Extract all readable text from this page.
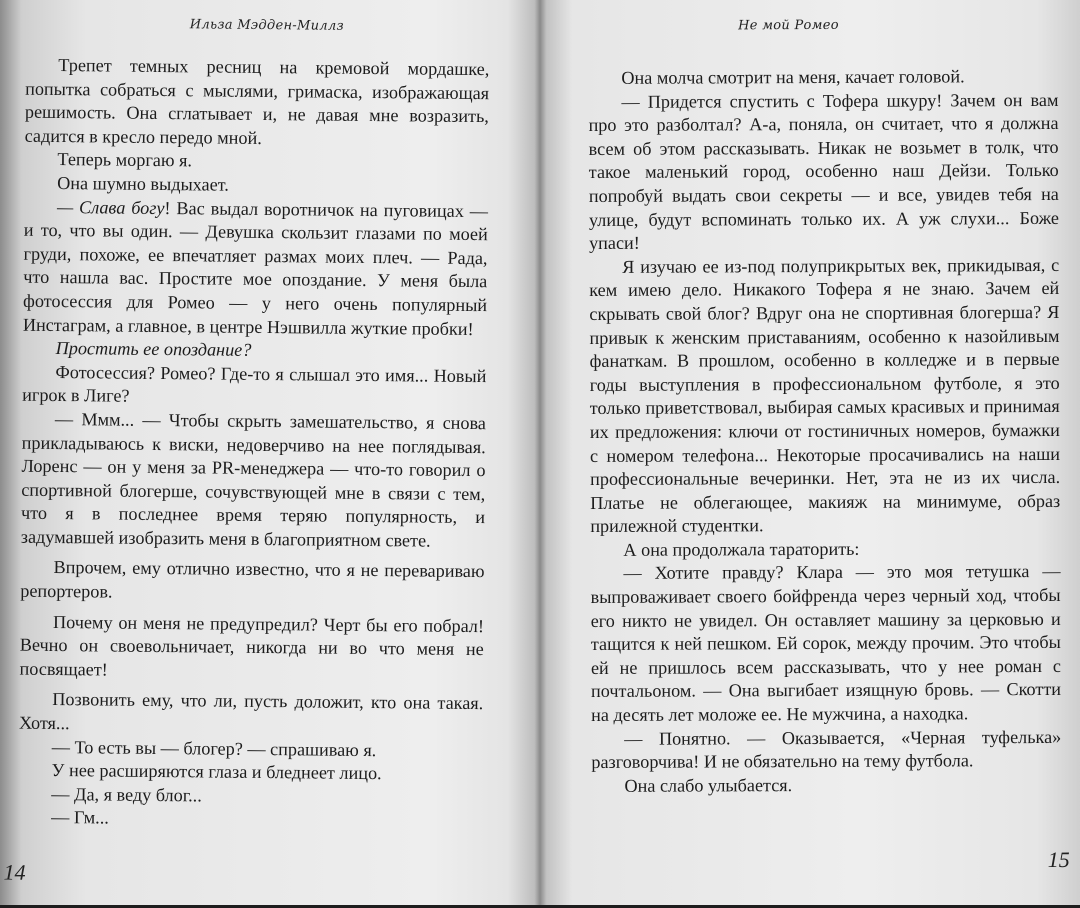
Ильза Мэдден-Миллз

Трепет темных ресниц на кремовой мордашке, попытка собраться с мыслями, гримаска, изображающая решимость. Она сглатывает и, не давая мне возразить, садится в кресло передо мной.

Теперь моргаю я.

Она шумно выдыхает.

— Слава богу! Вас выдал воротничок на пуговицах — и то, что вы один. — Девушка скользит глазами по моей груди, похоже, ее впечатляет размах моих плеч. — Рада, что нашла вас. Простите мое опоздание. У меня была фотосессия для Ромео — у него очень популярный Инстаграм, а главное, в центре Нэшвилла жуткие пробки!

Простить ее опоздание?

Фотосессия? Ромео? Где-то я слышал это имя... Новый игрок в Лиге?

— Ммм... — Чтобы скрыть замешательство, я снова прикладываюсь к виски, недоверчиво на нее поглядывая. Лоренс — он у меня за PR-менеджера — что-то говорил о спортивной блогерше, сочувствующей мне в связи с тем, что я в последнее время теряю популярность, и задумавшей изобразить меня в благоприятном свете.

Впрочем, ему отлично известно, что я не перевариваю репортеров.

Почему он меня не предупредил? Черт бы его побрал! Вечно он своевольничает, никогда ни во что меня не посвящает!

Позвонить ему, что ли, пусть доложит, кто она такая. Хотя...

— То есть вы — блогер? — спрашиваю я.

У нее расширяются глаза и бледнеет лицо.

— Да, я веду блог...

— Гм...

14
Не мой Ромео

Она молча смотрит на меня, качает головой.

— Придется спустить с Тофера шкуру! Зачем он вам про это разболтал? А-а, поняла, он считает, что я должна всем об этом рассказывать. Никак не возьмет в толк, что такое маленький город, особенно наш Дейзи. Только попробуй выдать свои секреты — и все, увидев тебя на улице, будут вспоминать только их. А уж слухи... Боже упаси!

Я изучаю ее из-под полуприкрытых век, прикидывая, с кем имею дело. Никакого Тофера я не знаю. Зачем ей скрывать свой блог? Вдруг она не спортивная блогерша? Я привык к женским приставаниям, особенно к назойливым фанаткам. В прошлом, особенно в колледже и в первые годы выступления в профессиональном футболе, я это только приветствовал, выбирая самых красивых и принимая их предложения: ключи от гостиничных номеров, бумажки с номером телефона... Некоторые просачивались на наши профессиональные вечеринки. Нет, эта не из их числа. Платье не облегающее, макияж на минимуме, образ прилежной студентки.

А она продолжала тараторить:

— Хотите правду? Клара — это моя тетушка — выпроваживает своего бойфренда через черный ход, чтобы его никто не увидел. Он оставляет машину за церковью и тащится к ней пешком. Ей сорок, между прочим. Это чтобы ей не пришлось всем рассказывать, что у нее роман с почтальоном. — Она выгибает изящную бровь. — Скотти на десять лет моложе ее. Не мужчина, а находка.

— Понятно. — Оказывается, «Черная туфелька» разговорчива! И не обязательно на тему футбола.

Она слабо улыбается.

15
